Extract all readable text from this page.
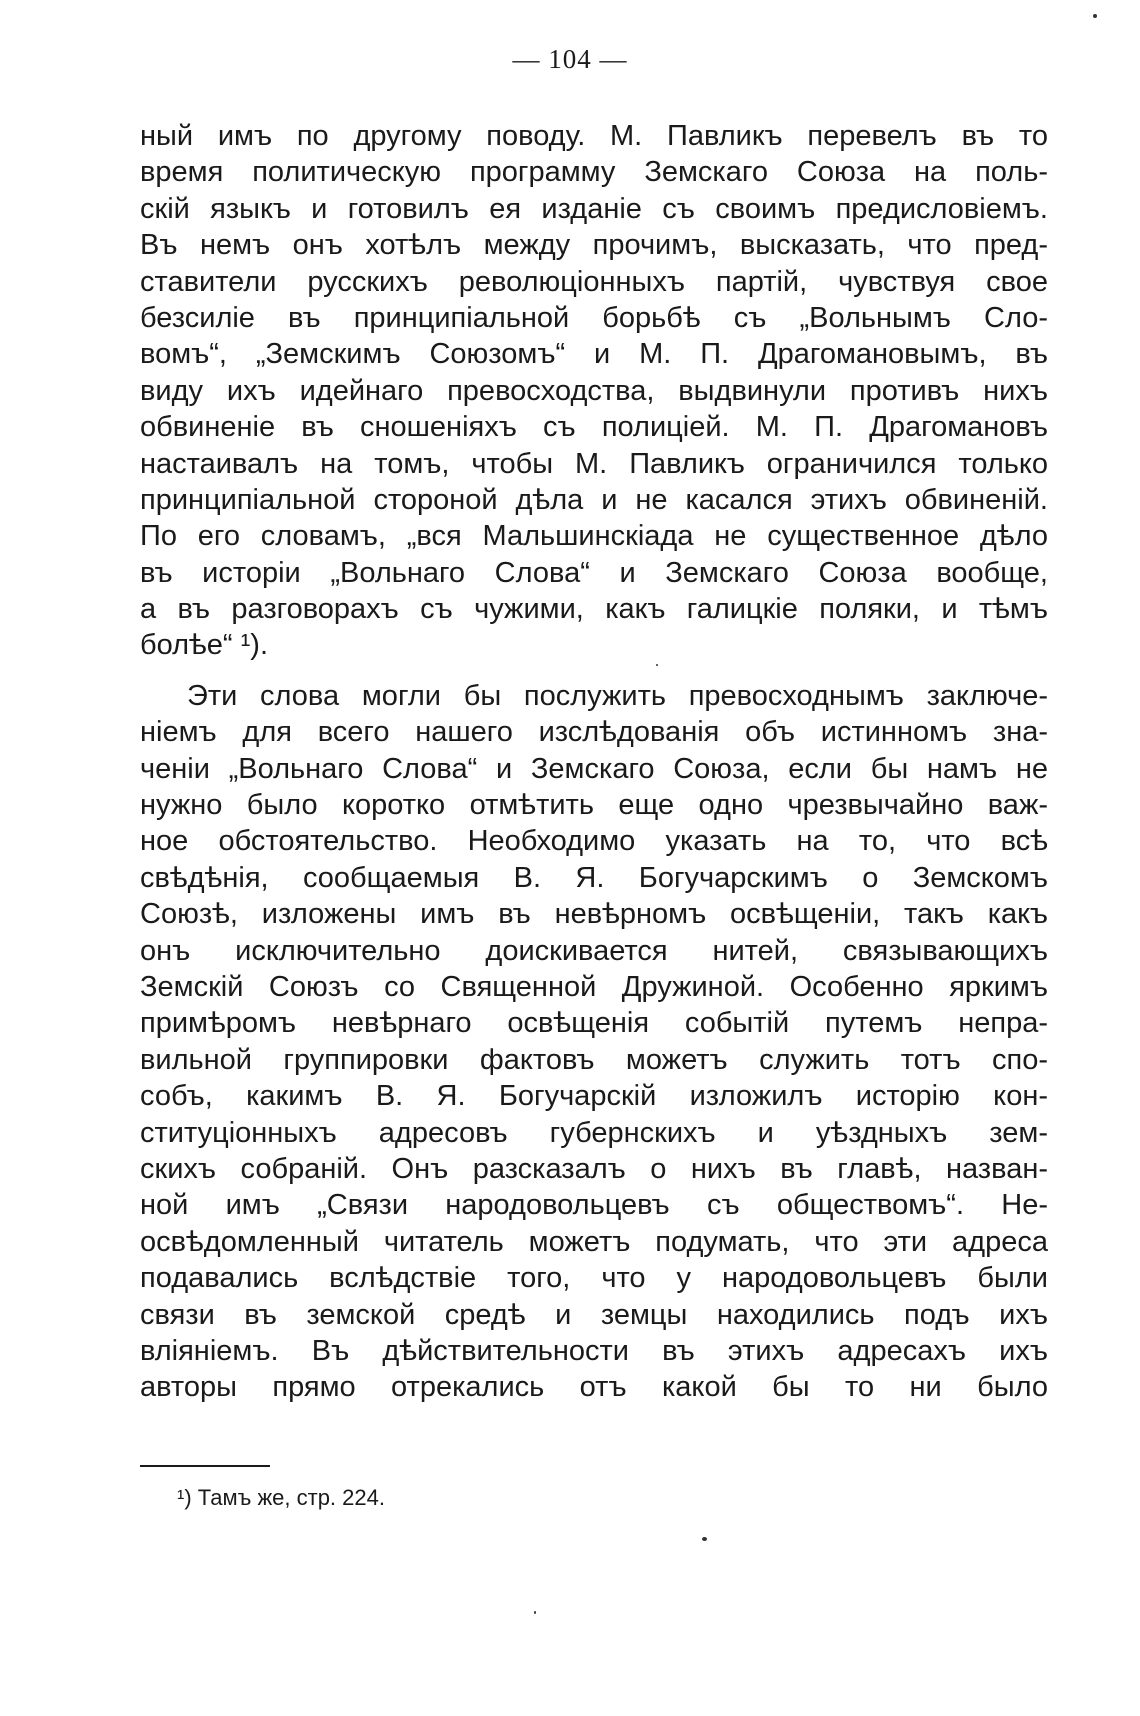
— 104 —
ный имъ по другому поводу. М. Павликъ перевелъ въ то
время политическую программу Земскаго Союза на поль-
скій языкъ и готовилъ ея изданіе съ своимъ предисловіемъ.
Въ немъ онъ хотѣлъ между прочимъ, высказать, что пред-
ставители русскихъ революціонныхъ партій, чувствуя свое
безсиліе въ принципіальной борьбѣ съ „Вольнымъ Сло-
вомъ“, „Земскимъ Союзомъ“ и М. П. Драгомановымъ, въ
виду ихъ идейнаго превосходства, выдвинули противъ нихъ
обвиненіе въ сношеніяхъ съ полиціей. М. П. Драгомановъ
настаивалъ на томъ, чтобы М. Павликъ ограничился только
принципіальной стороной дѣла и не касался этихъ обвиненій.
По его словамъ, „вся Мальшинскіада не существенное дѣло
въ исторіи „Вольнаго Слова“ и Земскаго Союза вообще,
а въ разговорахъ съ чужими, какъ галицкіе поляки, и тѣмъ
болѣе“ ¹).
Эти слова могли бы послужить превосходнымъ заключе-
ніемъ для всего нашего изслѣдованія объ истинномъ зна-
ченіи „Вольнаго Слова“ и Земскаго Союза, если бы намъ не
нужно было коротко отмѣтить еще одно чрезвычайно важ-
ное обстоятельство. Необходимо указать на то, что всѣ
свѣдѣнія, сообщаемыя В. Я. Богучарскимъ о Земскомъ
Союзѣ, изложены имъ въ невѣрномъ освѣщеніи, такъ какъ
онъ исключительно доискивается нитей, связывающихъ
Земскій Союзъ со Священной Дружиной. Особенно яркимъ
примѣромъ невѣрнаго освѣщенія событій путемъ непра-
вильной группировки фактовъ можетъ служить тотъ спо-
собъ, какимъ В. Я. Богучарскій изложилъ исторію кон-
ституціонныхъ адресовъ губернскихъ и уѣздныхъ зем-
скихъ собраній. Онъ разсказалъ о нихъ въ главѣ, назван-
ной имъ „Связи народовольцевъ съ обществомъ“. Не-
освѣдомленный читатель можетъ подумать, что эти адреса
подавались вслѣдствіе того, что у народовольцевъ были
связи въ земской средѣ и земцы находились подъ ихъ
вліяніемъ. Въ дѣйствительности въ этихъ адресахъ ихъ
авторы прямо отрекались отъ какой бы то ни было
¹) Тамъ же, стр. 224.
